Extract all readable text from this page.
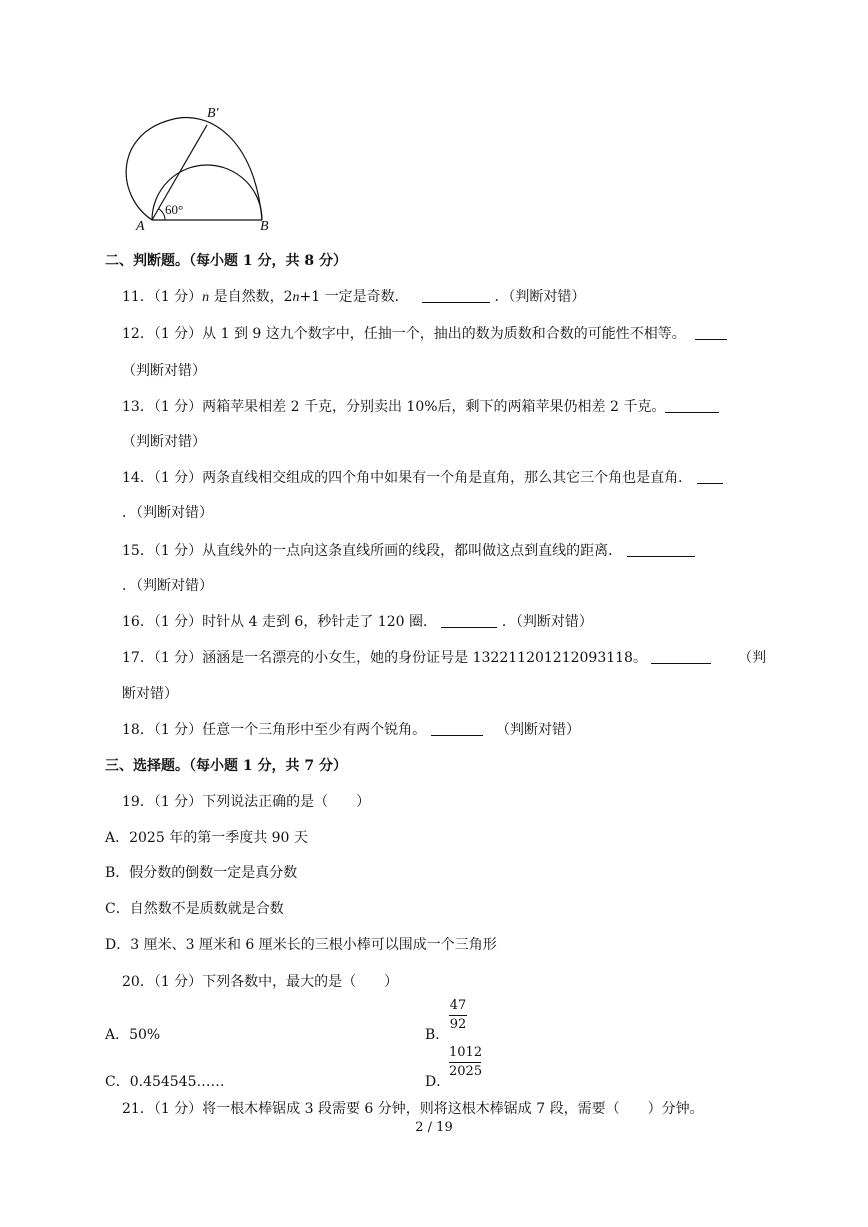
B′
A	B
60°
二、判断题。（每小题 1 分，共 8 分）
11．（1 分）n 是自然数，2n+1 一定是奇数．	．（判断对错）
12．（1 分）从 1 到 9 这九个数字中，任抽一个，抽出的数为质数和合数的可能性不相等。
（判断对错）
13．（1 分）两箱苹果相差 2 千克，分别卖出 10%后，剩下的两箱苹果仍相差 2 千克。
（判断对错）
14．（1 分）两条直线相交组成的四个角中如果有一个角是直角，那么其它三个角也是直角．
．（判断对错）
15．（1 分）从直线外的一点向这条直线所画的线段，都叫做这点到直线的距离．
．（判断对错）
16．（1 分）时针从 4 走到 6，秒针走了 120 圈．	．（判断对错）
17．（1 分）涵涵是一名漂亮的小女生，她的身份证号是 132211201212093118。	（判
断对错）
18．（1 分）任意一个三角形中至少有两个锐角。	（判断对错）
三、选择题。（每小题 1 分，共 7 分）
19．（1 分）下列说法正确的是（　　）
A．2025 年的第一季度共 90 天
B．假分数的倒数一定是真分数
C．自然数不是质数就是合数
D．3 厘米、3 厘米和 6 厘米长的三根小棒可以围成一个三角形
20．（1 分）下列各数中，最大的是（　　）
A．50%	B．
47
92
C．0.454545……	D．
1012
2025
21．（1 分）将一根木棒锯成 3 段需要 6 分钟，则将这根木棒锯成 7 段，需要（　　）分钟。
2 / 19
